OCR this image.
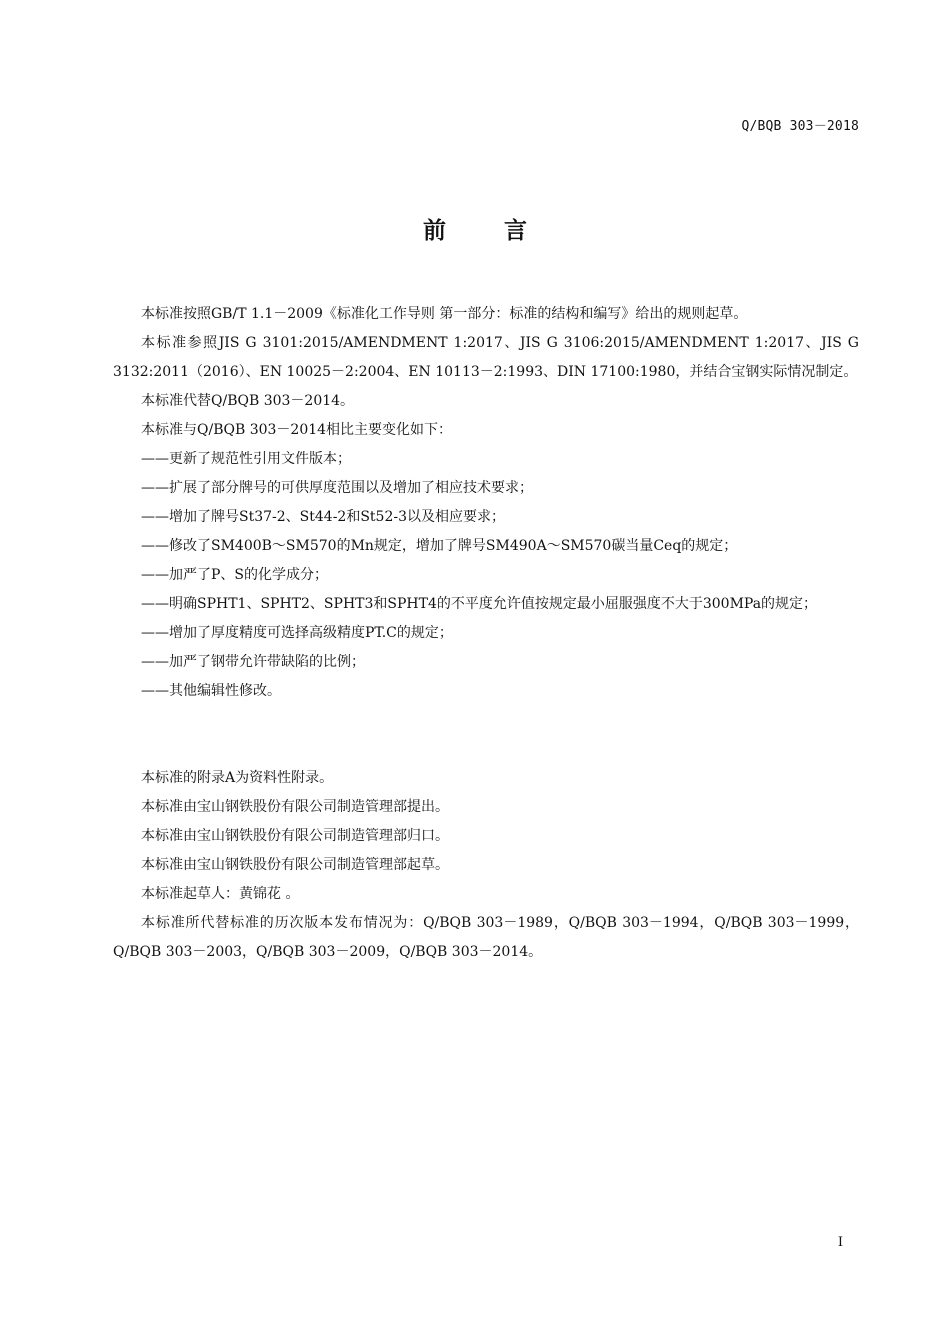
Q/BQB 303－2018
前	言

本标准按照GB/T 1.1－2009《标准化工作导则 第一部分：标准的结构和编写》给出的规则起草。

本标准参照JIS G 3101:2015/AMENDMENT 1:2017、JIS G 3106:2015/AMENDMENT 1:2017、JIS G 3132:2011（2016）、EN 10025－2:2004、EN 10113－2:1993、DIN 17100:1980，并结合宝钢实际情况制定。

本标准代替Q/BQB 303－2014。

本标准与Q/BQB 303－2014相比主要变化如下：

——更新了规范性引用文件版本；

——扩展了部分牌号的可供厚度范围以及增加了相应技术要求；

——增加了牌号St37-2、St44-2和St52-3以及相应要求；

——修改了SM400B～SM570的Mn规定，增加了牌号SM490A～SM570碳当量Ceq的规定；

——加严了P、S的化学成分；

——明确SPHT1、SPHT2、SPHT3和SPHT4的不平度允许值按规定最小屈服强度不大于300MPa的规定；

——增加了厚度精度可选择高级精度PT.C的规定；

——加严了钢带允许带缺陷的比例；

——其他编辑性修改。

本标准的附录A为资料性附录。

本标准由宝山钢铁股份有限公司制造管理部提出。

本标准由宝山钢铁股份有限公司制造管理部归口。

本标准由宝山钢铁股份有限公司制造管理部起草。

本标准起草人：黄锦花 。

本标准所代替标准的历次版本发布情况为：Q/BQB 303－1989，Q/BQB 303－1994，Q/BQB 303－1999，Q/BQB 303－2003，Q/BQB 303－2009，Q/BQB 303－2014。

I
